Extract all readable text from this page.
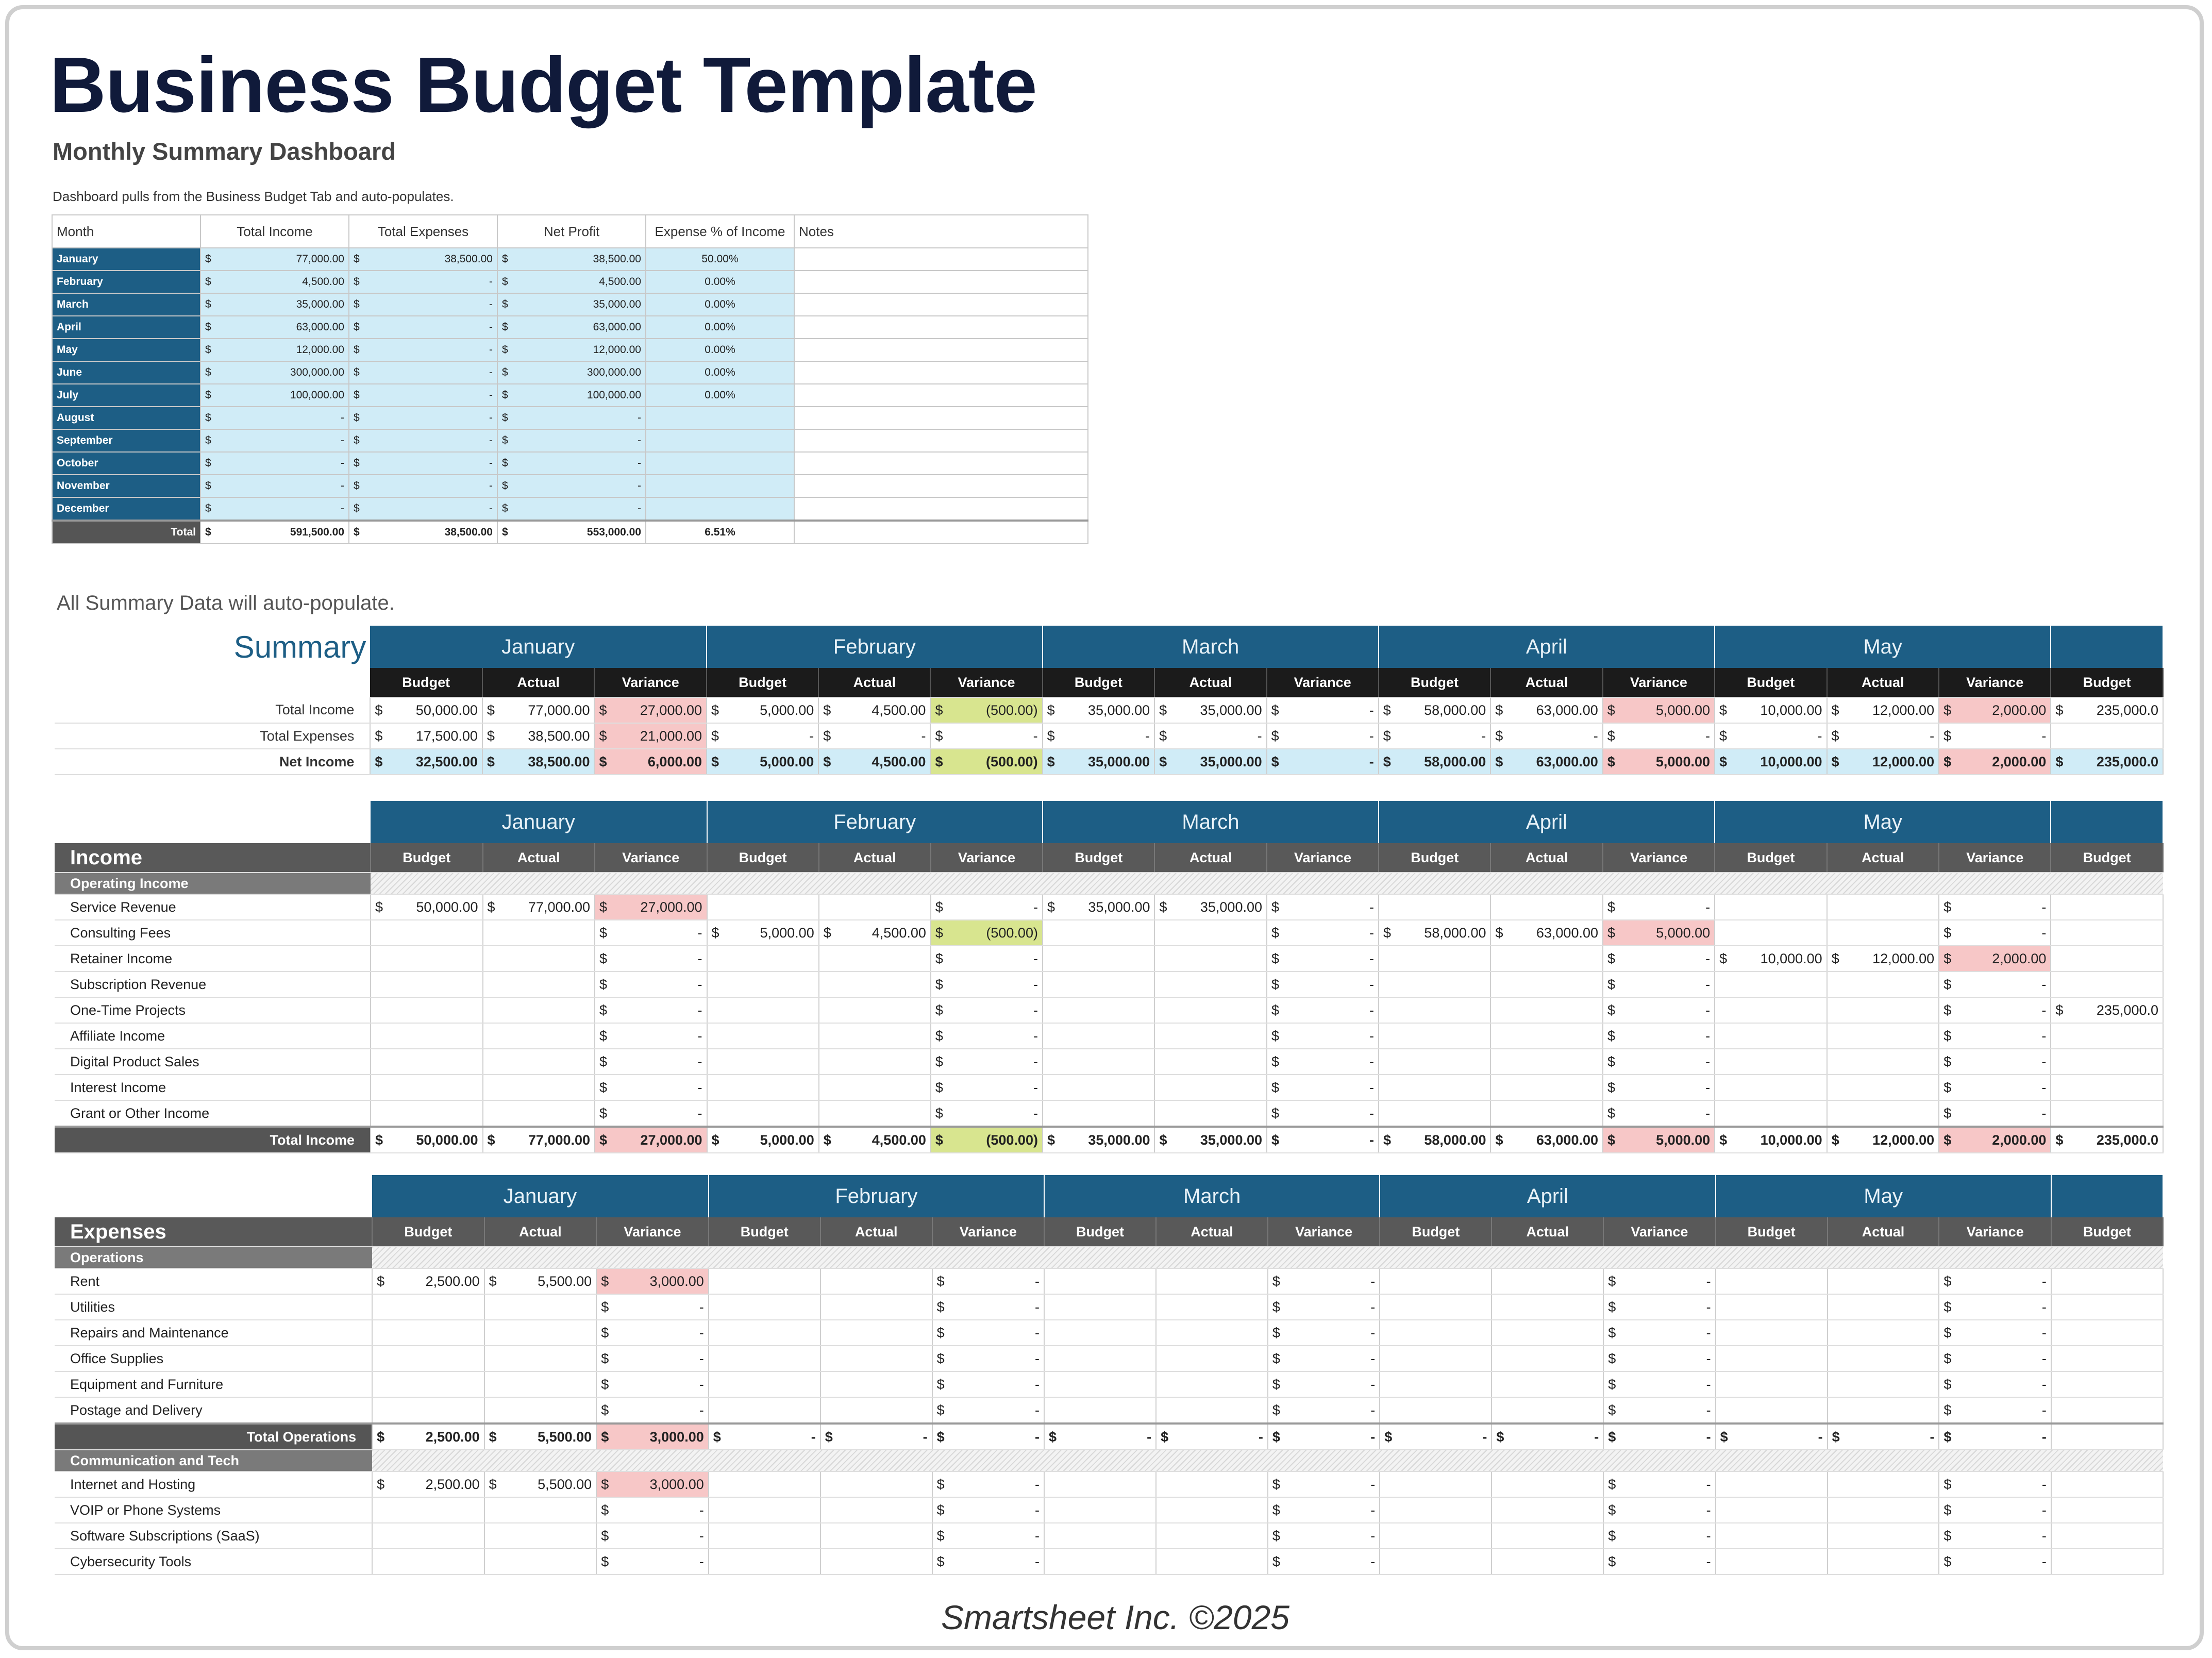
Business Budget Template
Monthly Summary Dashboard
Dashboard pulls from the Business Budget Tab and auto-populates.
Month	Total Income	Total Expenses	Net Profit	Expense % of Income	Notes
January	$ 77,000.00	$ 38,500.00	$ 38,500.00	50.00%	
February	$ 4,500.00	$ -	$ 4,500.00	0.00%	
March	$ 35,000.00	$ -	$ 35,000.00	0.00%	
April	$ 63,000.00	$ -	$ 63,000.00	0.00%	
May	$ 12,000.00	$ -	$ 12,000.00	0.00%	
June	$ 300,000.00	$ -	$ 300,000.00	0.00%	
July	$ 100,000.00	$ -	$ 100,000.00	0.00%	
August	$ -	$ -	$ -		

September	$ -	$ -	$ -		

October	$ -	$ -	$ -		

November	$ -	$ -	$ -		

December	$ -	$ -	$ -		

Total	$ 591,500.00	$ 38,500.00	$ 553,000.00	6.51%	
All Summary Data will auto-populate.
Summary	January			February			March			April			May			
	Budget	Actual	Variance	Budget	Actual	Variance	Budget	Actual	Variance	Budget	Actual	Variance	Budget	Actual	Variance	Budget
Total Income	$ 50,000.00	$ 77,000.00	$ 27,000.00	$ 5,000.00	$ 4,500.00	$ (500.00)	$ 35,000.00	$ 35,000.00	$ -	$ 58,000.00	$ 63,000.00	$ 5,000.00	$ 10,000.00	$ 12,000.00	$ 2,000.00	$ 235,000.0

Total Expenses	$ 17,500.00	$ 38,500.00	$ 21,000.00	$ -	$ -	$ -	$ -	$ -	$ -	$ -	$ -	$ -	$ -	$ -	$ -	

Net Income	$ 32,500.00	$ 38,500.00	$ 6,000.00	$ 5,000.00	$ 4,500.00	$ (500.00)	$ 35,000.00	$ 35,000.00	$ -	$ 58,000.00	$ 63,000.00	$ 5,000.00	$ 10,000.00	$ 12,000.00	$ 2,000.00	$ 235,000.0
	January			February			March			April			May			
Income	Budget	Actual	Variance	Budget	Actual	Variance	Budget	Actual	Variance	Budget	Actual	Variance	Budget	Actual	Variance	Budget
Operating Income																
Service Revenue	$ 50,000.00	$ 77,000.00	$ 27,000.00			$ -	$ 35,000.00	$ 35,000.00	$ -			$ -			$ -	

Consulting Fees			$ -	$ 5,000.00	$ 4,500.00	$ (500.00)			$ -	$ 58,000.00	$ 63,000.00	$ 5,000.00			$ -	

Retainer Income			$ -			$ -			$ -			$ -	$ 10,000.00	$ 12,000.00	$ 2,000.00	

Subscription Revenue			$ -			$ -			$ -			$ -			$ -	

One-Time Projects			$ -			$ -			$ -			$ -			$ -	$ 235,000.0

Affiliate Income			$ -			$ -			$ -			$ -			$ -	

Digital Product Sales			$ -			$ -			$ -			$ -			$ -	

Interest Income			$ -			$ -			$ -			$ -			$ -	

Grant or Other Income			$ -			$ -			$ -			$ -			$ -	

Total Income	$ 50,000.00	$ 77,000.00	$ 27,000.00	$ 5,000.00	$ 4,500.00	$ (500.00)	$ 35,000.00	$ 35,000.00	$ -	$ 58,000.00	$ 63,000.00	$ 5,000.00	$ 10,000.00	$ 12,000.00	$ 2,000.00	$ 235,000.0
	January			February			March			April			May			
Expenses	Budget	Actual	Variance	Budget	Actual	Variance	Budget	Actual	Variance	Budget	Actual	Variance	Budget	Actual	Variance	Budget
Operations																
Rent	$ 2,500.00	$ 5,500.00	$ 3,000.00			$ -			$ -			$ -			$ -	

Utilities			$ -			$ -			$ -			$ -			$ -	

Repairs and Maintenance			$ -			$ -			$ -			$ -			$ -	

Office Supplies			$ -			$ -			$ -			$ -			$ -	

Equipment and Furniture			$ -			$ -			$ -			$ -			$ -	

Postage and Delivery			$ -			$ -			$ -			$ -			$ -	

Total Operations	$ 2,500.00	$ 5,500.00	$ 3,000.00	$ -	$ -	$ -	$ -	$ -	$ -	$ -	$ -	$ -	$ -	$ -	$ -	

Communication and Tech																
Internet and Hosting	$ 2,500.00	$ 5,500.00	$ 3,000.00			$ -			$ -			$ -			$ -	

VOIP or Phone Systems			$ -			$ -			$ -			$ -			$ -	

Software Subscriptions (SaaS)			$ -			$ -			$ -			$ -			$ -	

Cybersecurity Tools			$ -			$ -			$ -			$ -			$ -	

Smartsheet Inc. ©2025
